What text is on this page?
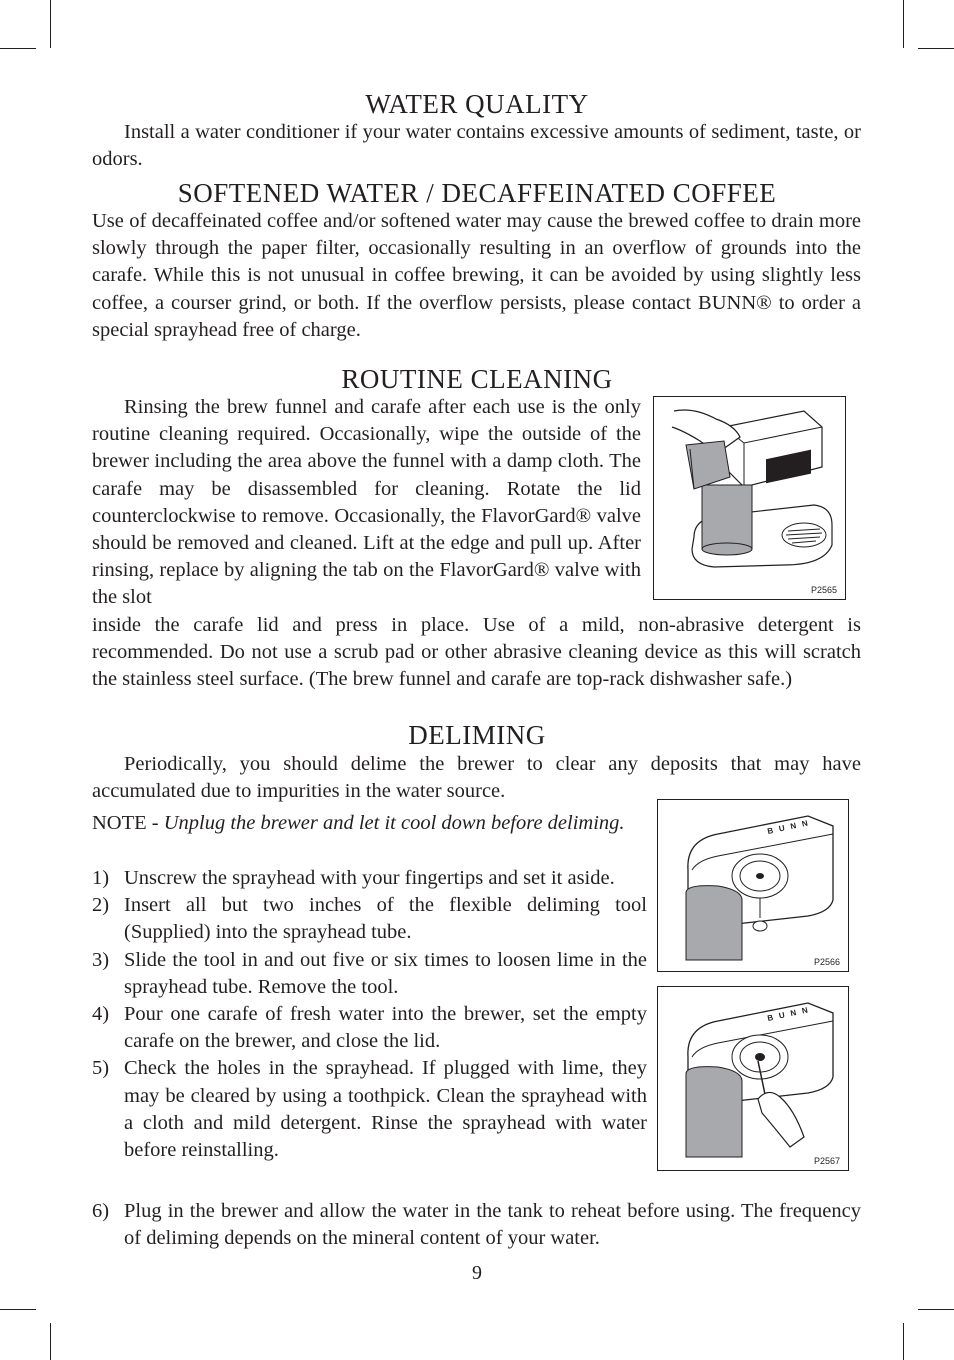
WATER QUALITY

Install a water conditioner if your water contains excessive amounts of sediment, taste, or odors.

SOFTENED WATER / DECAFFEINATED COFFEE

Use of decaffeinated coffee and/or softened water may cause the brewed coffee to drain more slowly through the paper filter, occasionally resulting in an overflow of grounds into the carafe. While this is not unusual in coffee brewing, it can be avoided by using slightly less coffee, a courser grind, or both. If the overflow persists, please contact BUNN® to order a special sprayhead free of charge.

ROUTINE CLEANING

Rinsing the brew funnel and carafe after each use is the only routine cleaning required. Occasionally, wipe the outside of the brewer including the area above the funnel with a damp cloth. The carafe may be disassembled for cleaning. Rotate the lid counterclockwise to remove. Occasionally, the FlavorGard® valve should be removed and cleaned. Lift at the edge and pull up. After rinsing, replace by aligning the tab on the FlavorGard® valve with the slot

inside the carafe lid and press in place. Use of a mild, non-abrasive detergent is recommended. Do not use a scrub pad or other abrasive cleaning device as this will scratch the stainless steel surface. (The brew funnel and carafe are top-rack dishwasher safe.)

P2565
DELIMING

Periodically, you should delime the brewer to clear any deposits that may have accumulated due to impurities in the water source.

NOTE - Unplug the brewer and let it cool down before deliming.
1) Unscrew the sprayhead with your fingertips and set it aside.
2) Insert all but two inches of the flexible deliming tool (Supplied) into the sprayhead tube.
3) Slide the tool in and out five or six times to loosen lime in the sprayhead tube. Remove the tool.
4) Pour one carafe of fresh water into the brewer, set the empty carafe on the brewer, and close the lid.
5) Check the holes in the sprayhead. If plugged with lime, they may be cleared by using a toothpick. Clean the sprayhead with a cloth and mild detergent. Rinse the sprayhead with water before reinstalling.
6) Plug in the brewer and allow the water in the tank to reheat before using. The frequency of deliming depends on the mineral content of your water.
BUNN
P2566
BUNN
P2567
9
